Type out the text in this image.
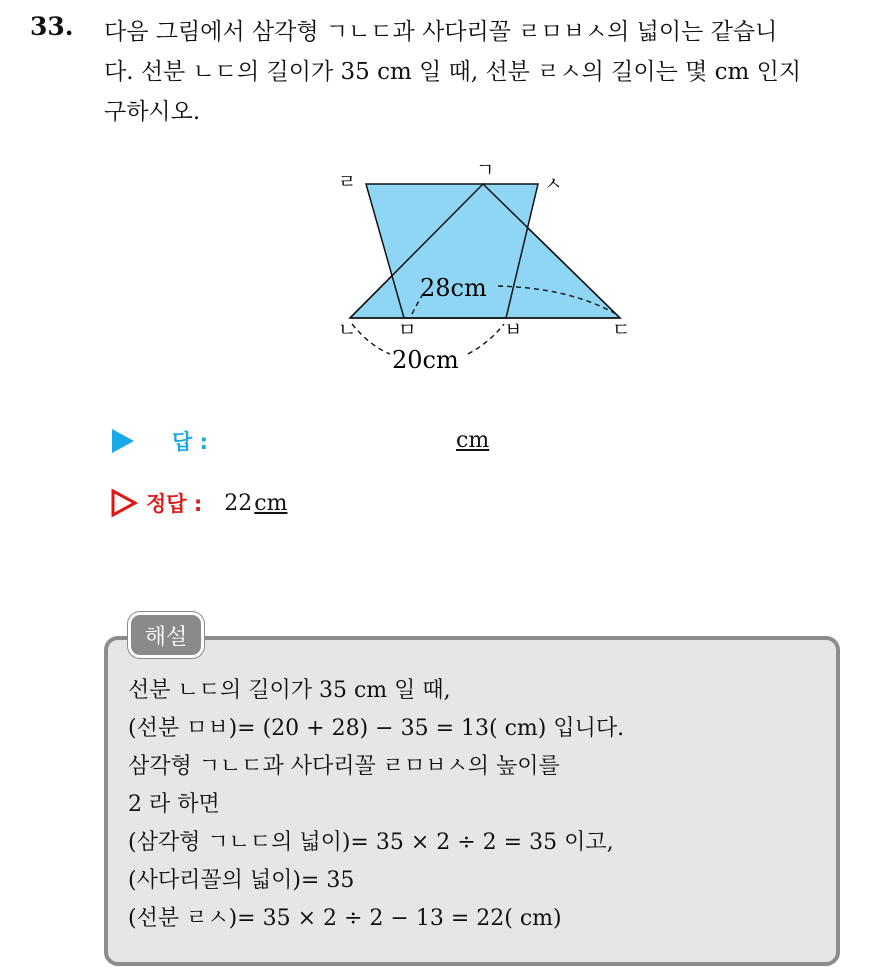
33. 다음 그림에서 삼각형 ㄱㄴㄷ과 사다리꼴 ㄹㅁㅂㅅ의 넓이는 같습니
다. 선분 ㄴㄷ의 길이가 35 cm 일 때, 선분 ㄹㅅ의 길이는 몇 cm 인지
구하시오.
ㄹ
ㄱ
ㅅ
ㄴ ㅁ	ㅂ	ㄷ
28cm
20cm
답 :	cm
정답 : 22 cm
해설
선분 ㄴㄷ의 길이가 35 cm 일 때,
(선분 ㅁㅂ)= (20 + 28) − 35 = 13( cm) 입니다.
삼각형 ㄱㄴㄷ과 사다리꼴 ㄹㅁㅂㅅ의 높이를
2 라 하면
(삼각형 ㄱㄴㄷ의 넓이)= 35 × 2 ÷ 2 = 35 이고,
(사다리꼴의 넓이)= 35
(선분 ㄹㅅ)= 35 × 2 ÷ 2 − 13 = 22( cm)
